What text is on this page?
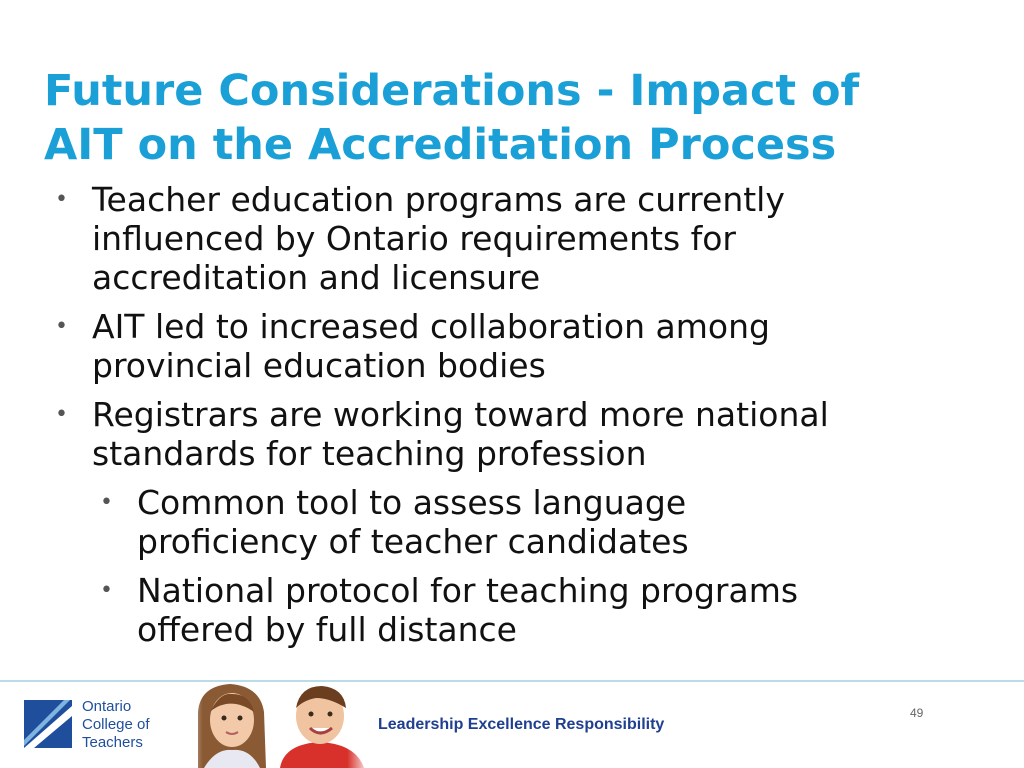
Future Considerations - Impact of
AIT on the Accreditation Process
• Teacher education programs are currently
influenced by Ontario requirements for
accreditation and licensure
• AIT led to increased collaboration among
provincial education bodies
• Registrars are working toward more national
standards for teaching profession
• Common tool to assess language
proficiency of teacher candidates
• National protocol for teaching programs
offered by full distance
Ontario
College of
Teachers
Leadership Excellence Responsibility
49
